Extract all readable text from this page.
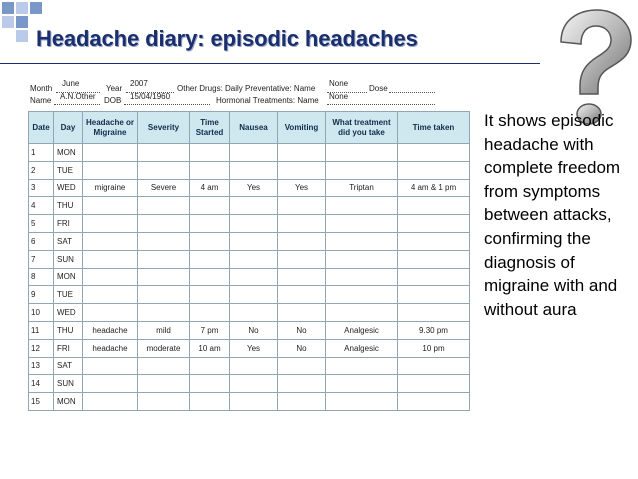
Headache diary: episodic headaches
Month
June
Year
2007
Other Drugs: Daily Preventative: Name
None
Dose
Name A.N.Other DOB 15/04/1960	Hormonal Treatments: Name None
Date	Day	Headache or Migraine	Severity	Time Started	Nausea	Vomiting	What treatment did you take	Time taken
1	MON							
2	TUE							
3	WED	migraine	Severe	4 am	Yes	Yes	Triptan	4 am & 1 pm
4	THU							
5	FRI							
6	SAT							
7	SUN							
8	MON							
9	TUE							
10	WED							
11	THU	headache	mild	7 pm	No	No	Analgesic	9.30 pm
12	FRI	headache	moderate	10 am	Yes	No	Analgesic	10 pm
13	SAT							
14	SUN							
15	MON							
It shows episodic headache with complete freedom from symptoms between attacks, confirming the diagnosis of migraine with and without aura
